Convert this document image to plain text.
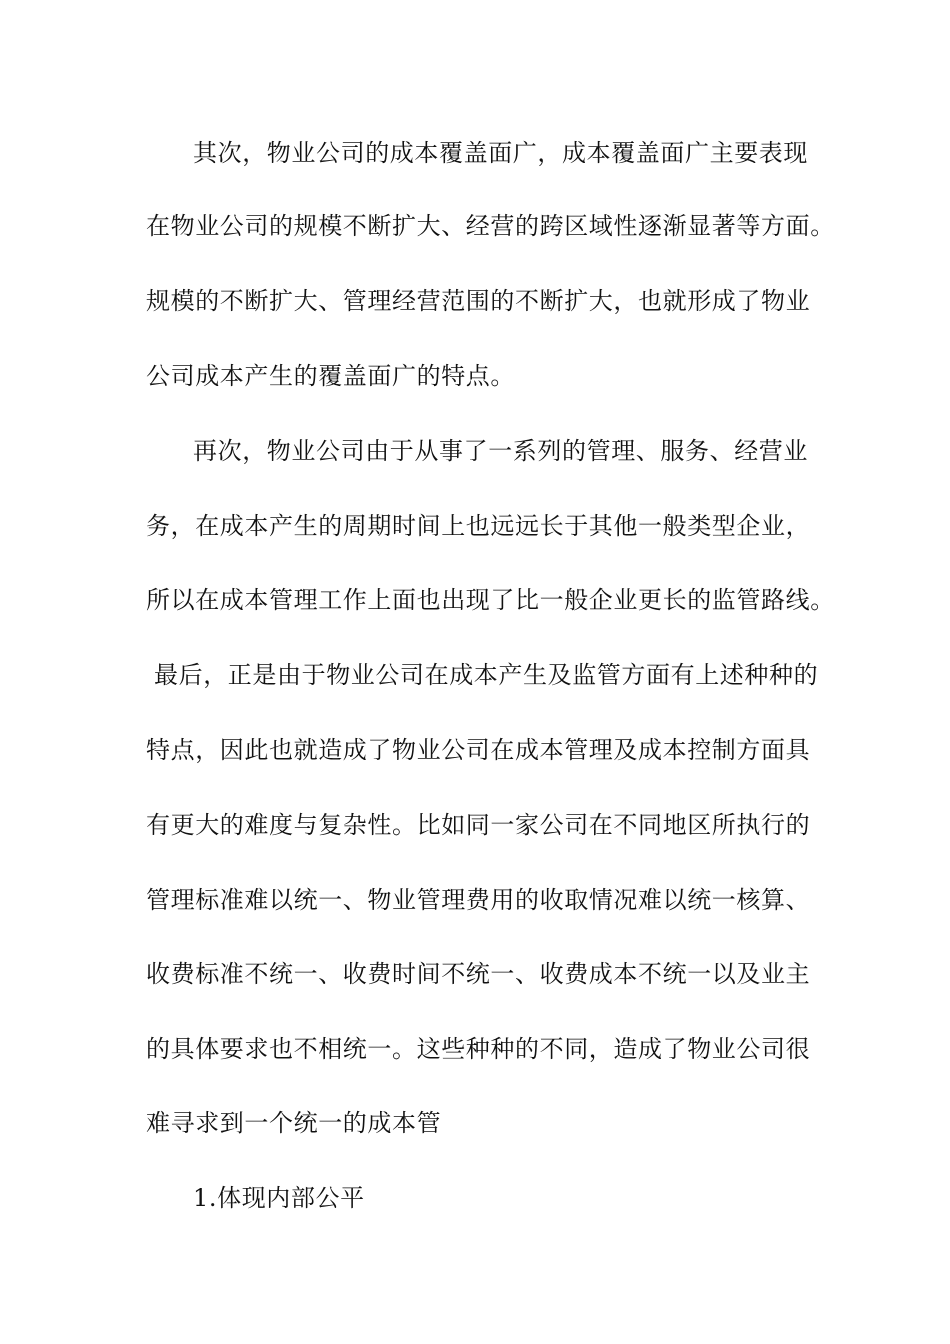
其次，物业公司的成本覆盖面广，成本覆盖面广主要表现
在物业公司的规模不断扩大、经营的跨区域性逐渐显著等方面。
规模的不断扩大、管理经营范围的不断扩大，也就形成了物业
公司成本产生的覆盖面广的特点。
再次，物业公司由于从事了一系列的管理、服务、经营业
务，在成本产生的周期时间上也远远长于其他一般类型企业，
所以在成本管理工作上面也出现了比一般企业更长的监管路线。
最后，正是由于物业公司在成本产生及监管方面有上述种种的
特点，因此也就造成了物业公司在成本管理及成本控制方面具
有更大的难度与复杂性。比如同一家公司在不同地区所执行的
管理标准难以统一、物业管理费用的收取情况难以统一核算、
收费标准不统一、收费时间不统一、收费成本不统一以及业主
的具体要求也不相统一。这些种种的不同，造成了物业公司很
难寻求到一个统一的成本管
1.体现内部公平
